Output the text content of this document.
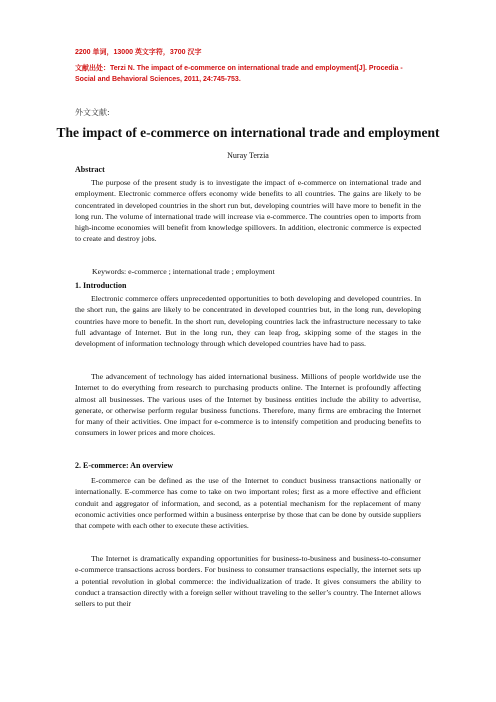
2200 单词，13000 英文字符，3700 汉字
文献出处：Terzi N. The impact of e-commerce on international trade and employment[J]. Procedia - Social and Behavioral Sciences, 2011, 24:745-753.
外文文献:
The impact of e-commerce on international trade and employment
Nuray Terzia
Abstract

The purpose of the present study is to investigate the impact of e-commerce on international trade and employment. Electronic commerce offers economy wide benefits to all countries. The gains are likely to be concentrated in developed countries in the short run but, developing countries will have more to benefit in the long run. The volume of international trade will increase via e-commerce. The countries open to imports from high-income economies will benefit from knowledge spillovers. In addition, electronic commerce is expected to create and destroy jobs.

Keywords: e-commerce ; international trade ; employment
1. Introduction

Electronic commerce offers unprecedented opportunities to both developing and developed countries. In the short run, the gains are likely to be concentrated in developed countries but, in the long run, developing countries have more to benefit. In the short run, developing countries lack the infrastructure necessary to take full advantage of Internet. But in the long run, they can leap frog, skipping some of the stages in the development of information technology through which developed countries have had to pass.

The advancement of technology has aided international business. Millions of people worldwide use the Internet to do everything from research to purchasing products online. The Internet is profoundly affecting almost all businesses. The various uses of the Internet by business entities include the ability to advertise, generate, or otherwise perform regular business functions. Therefore, many firms are embracing the Internet for many of their activities. One impact for e-commerce is to intensify competition and producing benefits to consumers in lower prices and more choices.

2. E-commerce: An overview

E-commerce can be defined as the use of the Internet to conduct business transactions nationally or internationally. E-commerce has come to take on two important roles; first as a more effective and efficient conduit and aggregator of information, and second, as a potential mechanism for the replacement of many economic activities once performed within a business enterprise by those that can be done by outside suppliers that compete with each other to execute these activities.

The Internet is dramatically expanding opportunities for business-to-business and business-to-consumer e-commerce transactions across borders. For business to consumer transactions especially, the internet sets up a potential revolution in global commerce: the individualization of trade. It gives consumers the ability to conduct a transaction directly with a foreign seller without traveling to the seller’s country. The Internet allows sellers to put their
